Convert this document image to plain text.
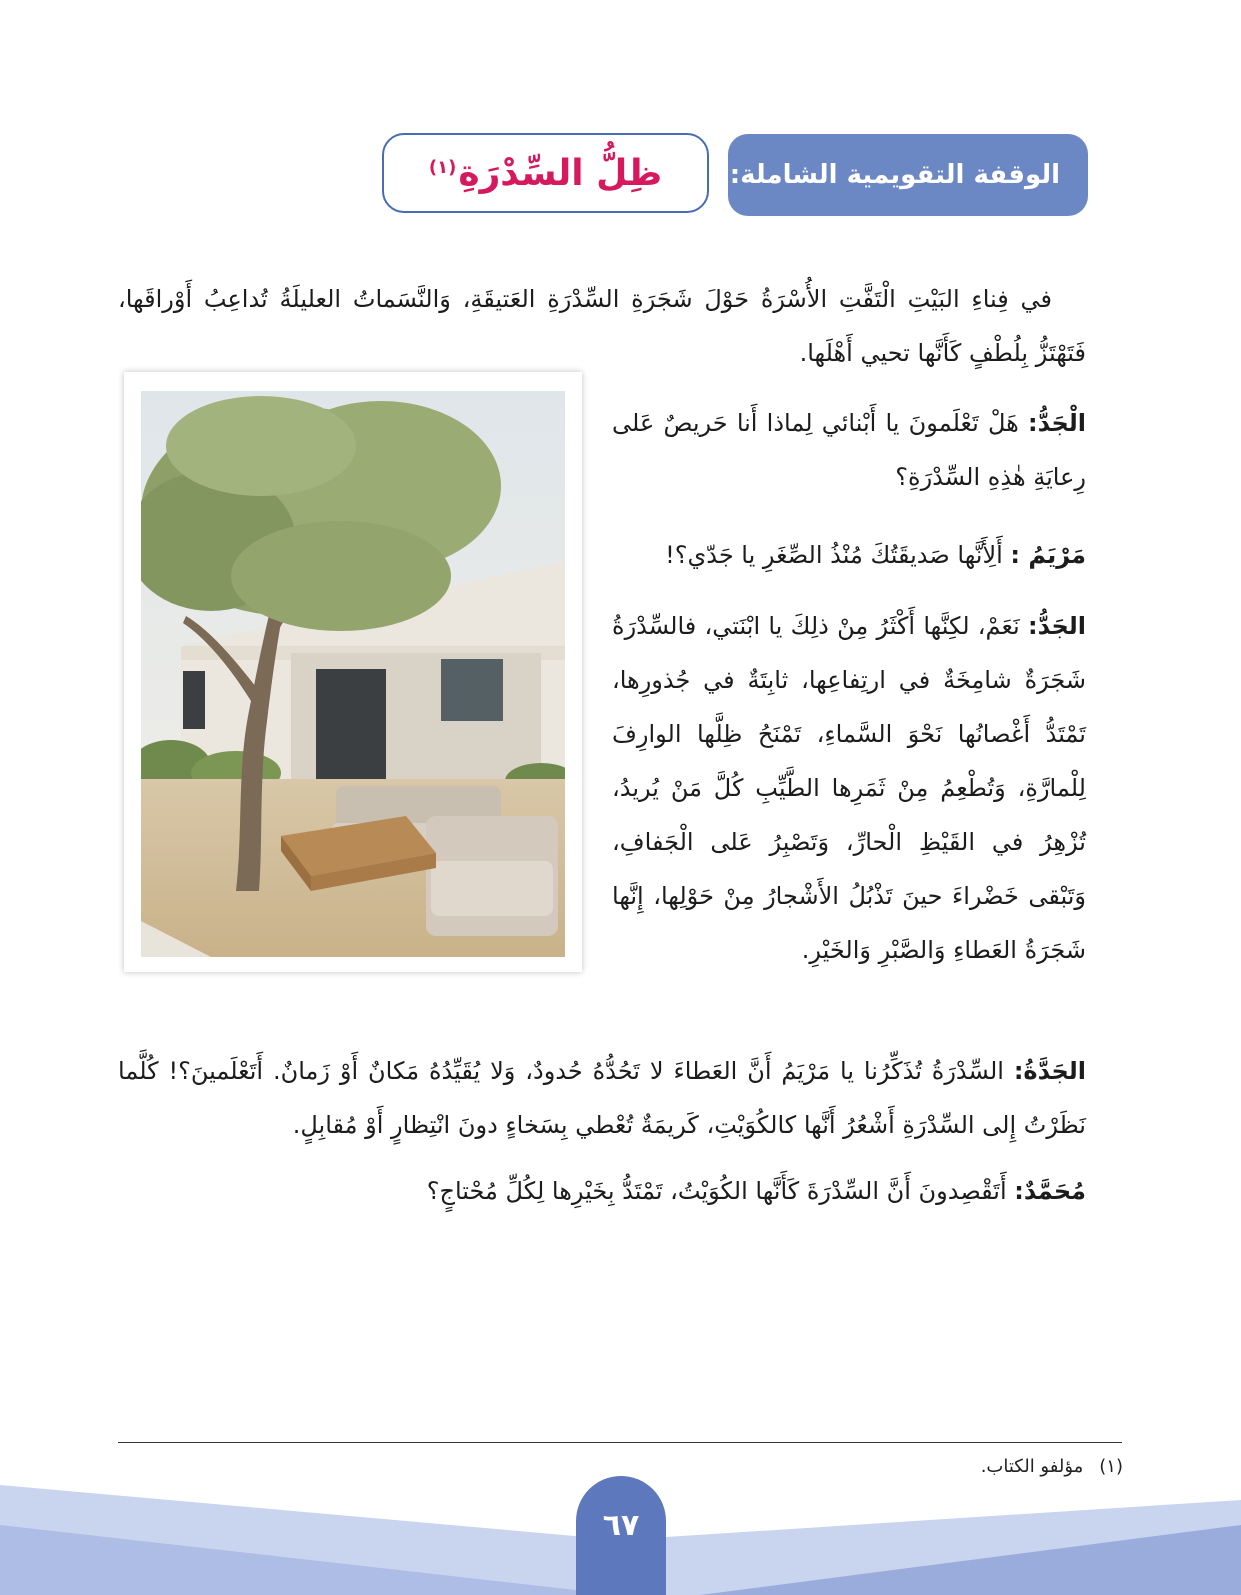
الوقفة التقويمية الشاملة:
ظِلُّ السِّدْرَةِ
$^{(١)}$

في فِناءِ البَيْتِ الْتَفَّتِ الأُسْرَةُ حَوْلَ شَجَرَةِ السِّدْرَةِ العَتيقَةِ، وَالنَّسَماتُ العليلَةُ تُداعِبُ أَوْراقَها، فَتَهْتَزُّ بِلُطْفٍ كَأَنَّها تحيي أَهْلَها.

الْجَدُّ: هَلْ تَعْلَمونَ يا أَبْنائي لِماذا أَنا حَريصٌ عَلى رِعايَةِ هٰذِهِ السِّدْرَةِ؟

مَرْيَمُ : أَلِأَنَّها صَديقَتُكَ مُنْذُ الصِّغَرِ يا جَدّي؟!

الجَدُّ: نَعَمْ، لكِنَّها أَكْثَرُ مِنْ ذلِكَ يا ابْنَتي، فالسِّدْرَةُ شَجَرَةٌ شامِخَةٌ في ارتِفاعِها، ثابِتَةٌ في جُذورِها، تَمْتَدُّ أَغْصانُها نَحْوَ السَّماءِ، تَمْنَحُ ظِلَّها الوارِفَ لِلْمارَّةِ، وَتُطْعِمُ مِنْ ثَمَرِها الطَّيِّبِ كُلَّ مَنْ يُريدُ، تُزْهِرُ في القَيْظِ الْحارِّ، وَتَصْبِرُ عَلى الْجَفافِ، وَتَبْقى خَضْراءَ حينَ تَذْبُلُ الأَشْجارُ مِنْ حَوْلِها، إِنَّها شَجَرَةُ العَطاءِ وَالصَّبْرِ وَالخَيْرِ.

الجَدَّةُ: السِّدْرَةُ تُذَكِّرُنا يا مَرْيَمُ أَنَّ العَطاءَ لا تَحُدُّهُ حُدودٌ، وَلا يُقَيِّدُهُ مَكانٌ أَوْ زَمانٌ. أَتَعْلَمينَ؟! كُلَّما نَظَرْتُ إِلى السِّدْرَةِ أَشْعُرُ أَنَّها كالكُوَيْتِ، كَريمَةٌ تُعْطي بِسَخاءٍ دونَ انْتِظارٍ أَوْ مُقابِلٍ.

مُحَمَّدٌ: أَتَقْصِدونَ أَنَّ السِّدْرَةَ كَأَنَّها الكُوَيْتُ، تَمْتَدُّ بِخَيْرِها لِكُلِّ مُحْتاجٍ؟

(١)
مؤلفو الكتاب.
٦٧
